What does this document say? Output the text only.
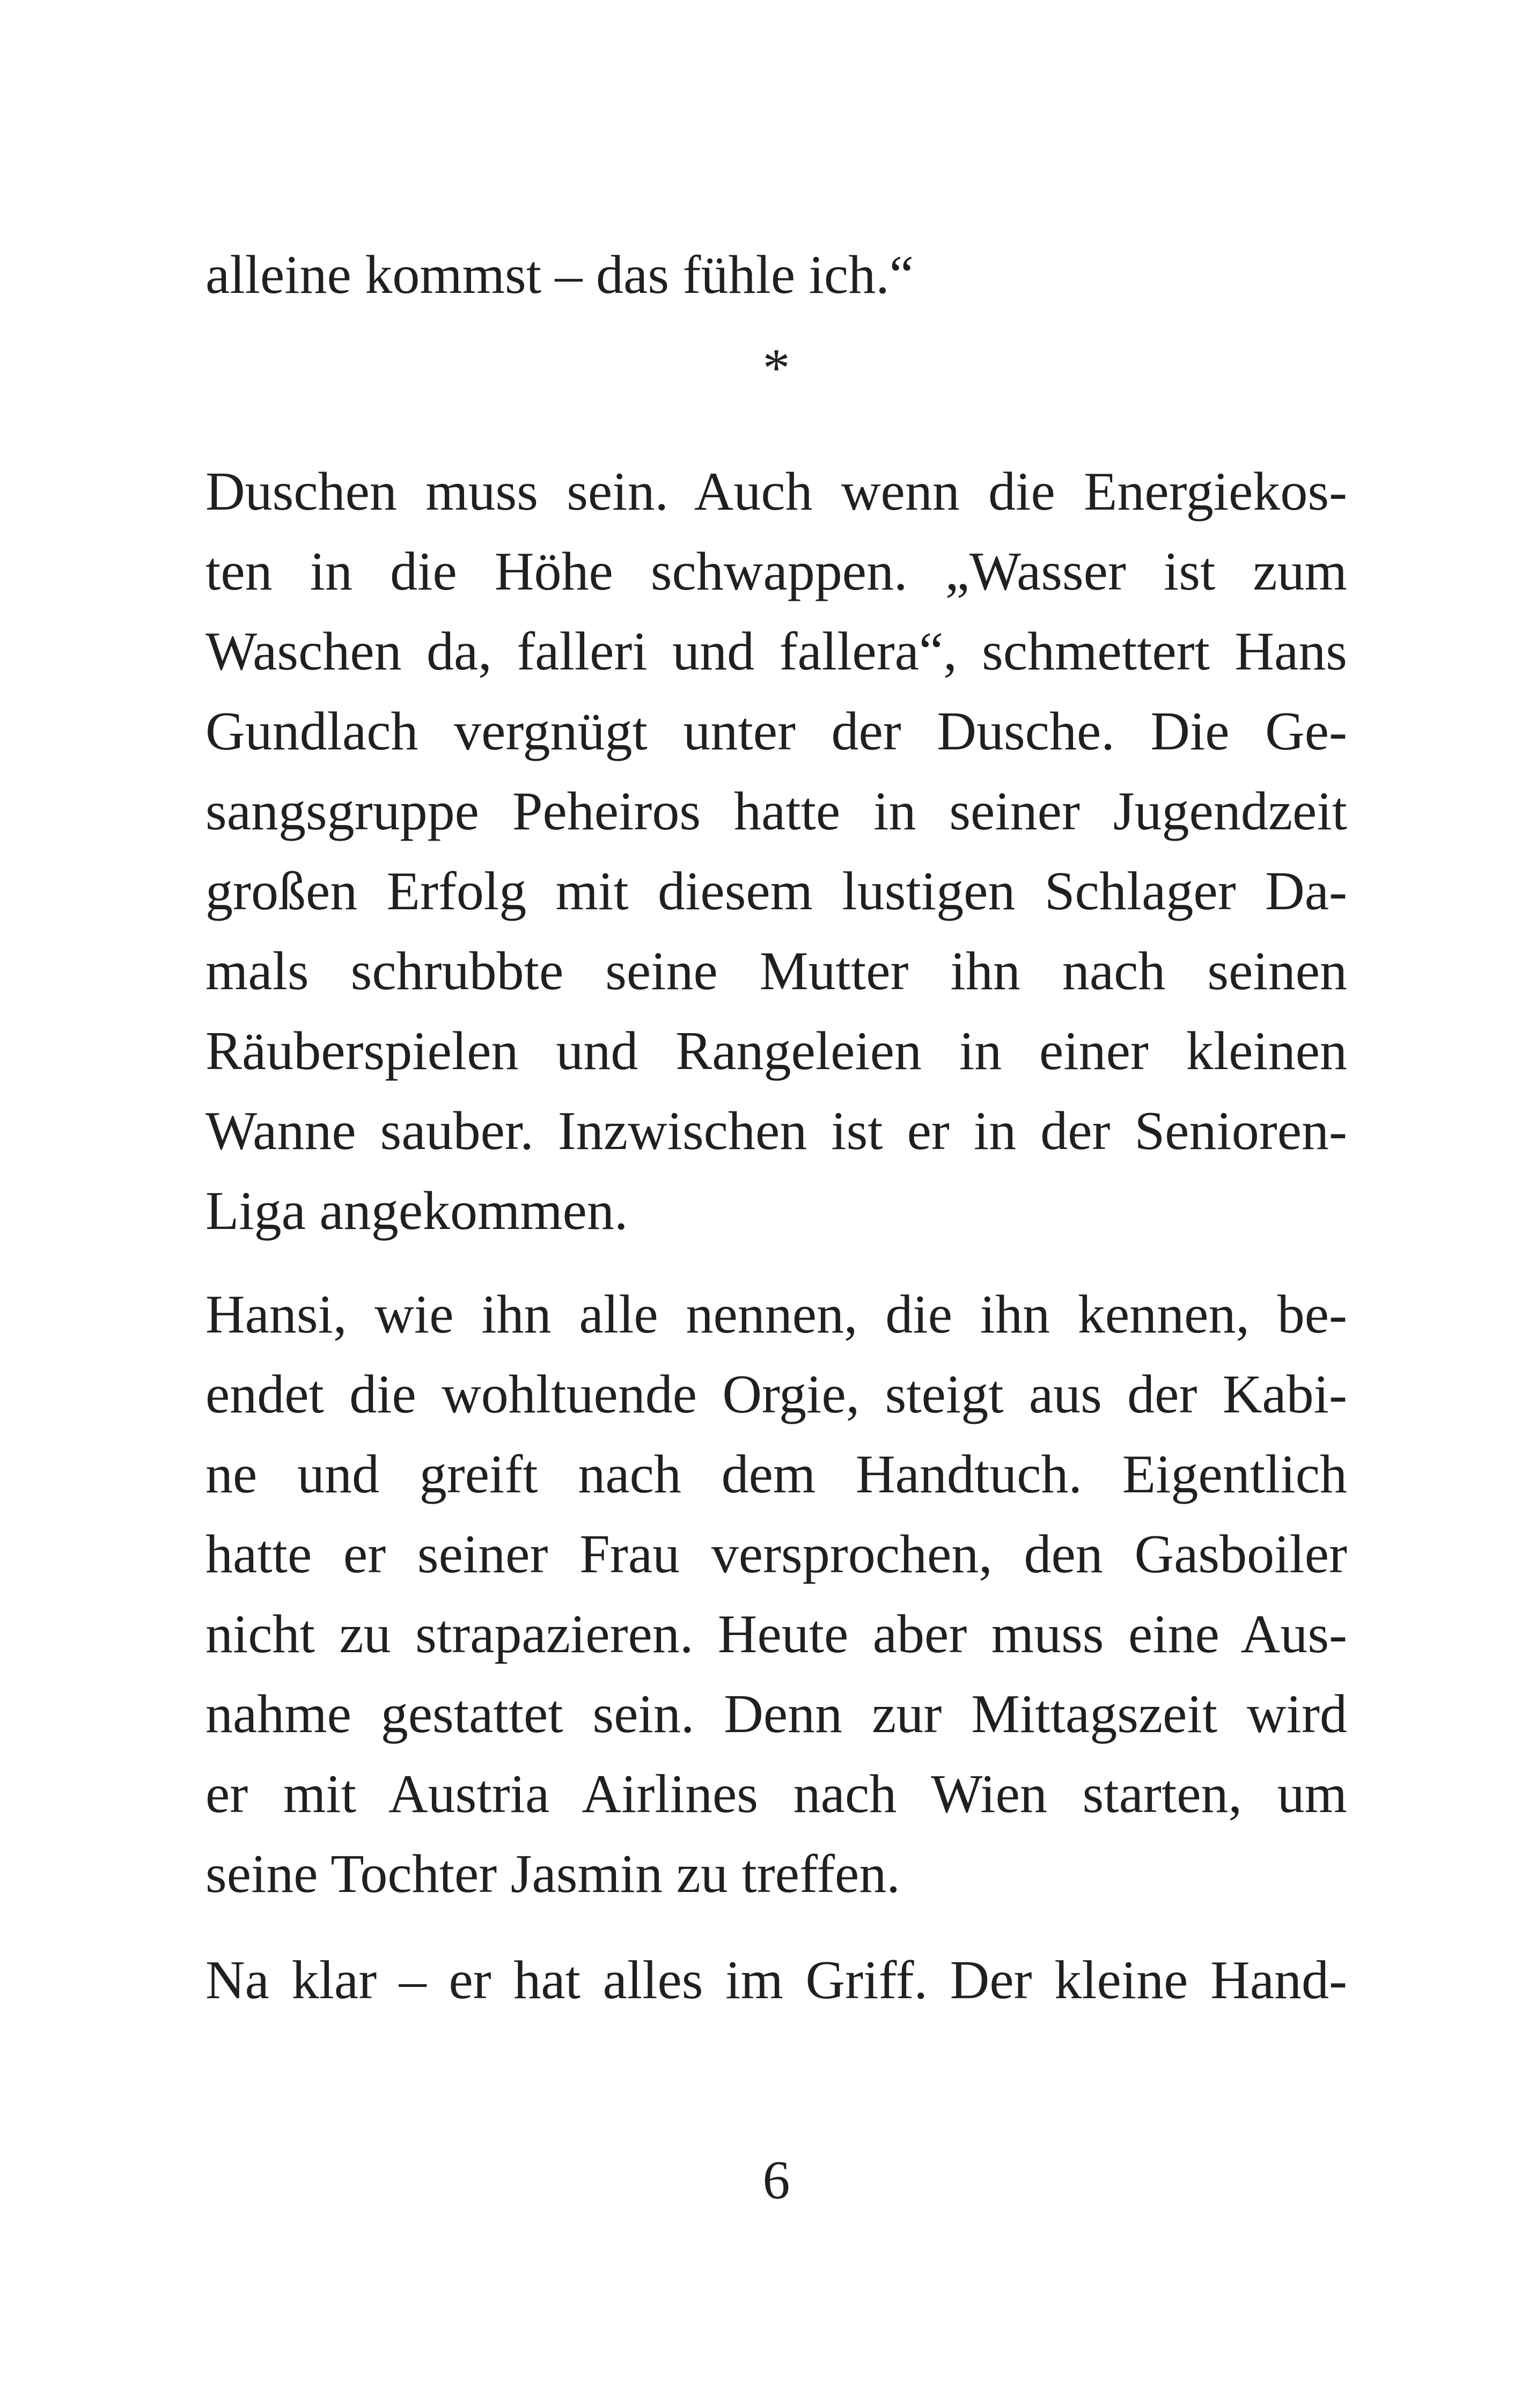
alleine kommst – das fühle ich.“
*
Duschen muss sein. Auch wenn die Energiekos-
ten in die Höhe schwappen. „Wasser ist zum
Waschen da, falleri und fallera“, schmettert Hans
Gundlach vergnügt unter der Dusche. Die Ge-
sangsgruppe Peheiros hatte in seiner Jugendzeit
großen Erfolg mit diesem lustigen Schlager Da-
mals schrubbte seine Mutter ihn nach seinen
Räuberspielen und Rangeleien in einer kleinen
Wanne sauber. Inzwischen ist er in der Senioren-
Liga angekommen.
Hansi, wie ihn alle nennen, die ihn kennen, be-
endet die wohltuende Orgie, steigt aus der Kabi-
ne und greift nach dem Handtuch. Eigentlich
hatte er seiner Frau versprochen, den Gasboiler
nicht zu strapazieren. Heute aber muss eine Aus-
nahme gestattet sein. Denn zur Mittagszeit wird
er mit Austria Airlines nach Wien starten, um
seine Tochter Jasmin zu treffen.
Na klar – er hat alles im Griff. Der kleine Hand-
6
